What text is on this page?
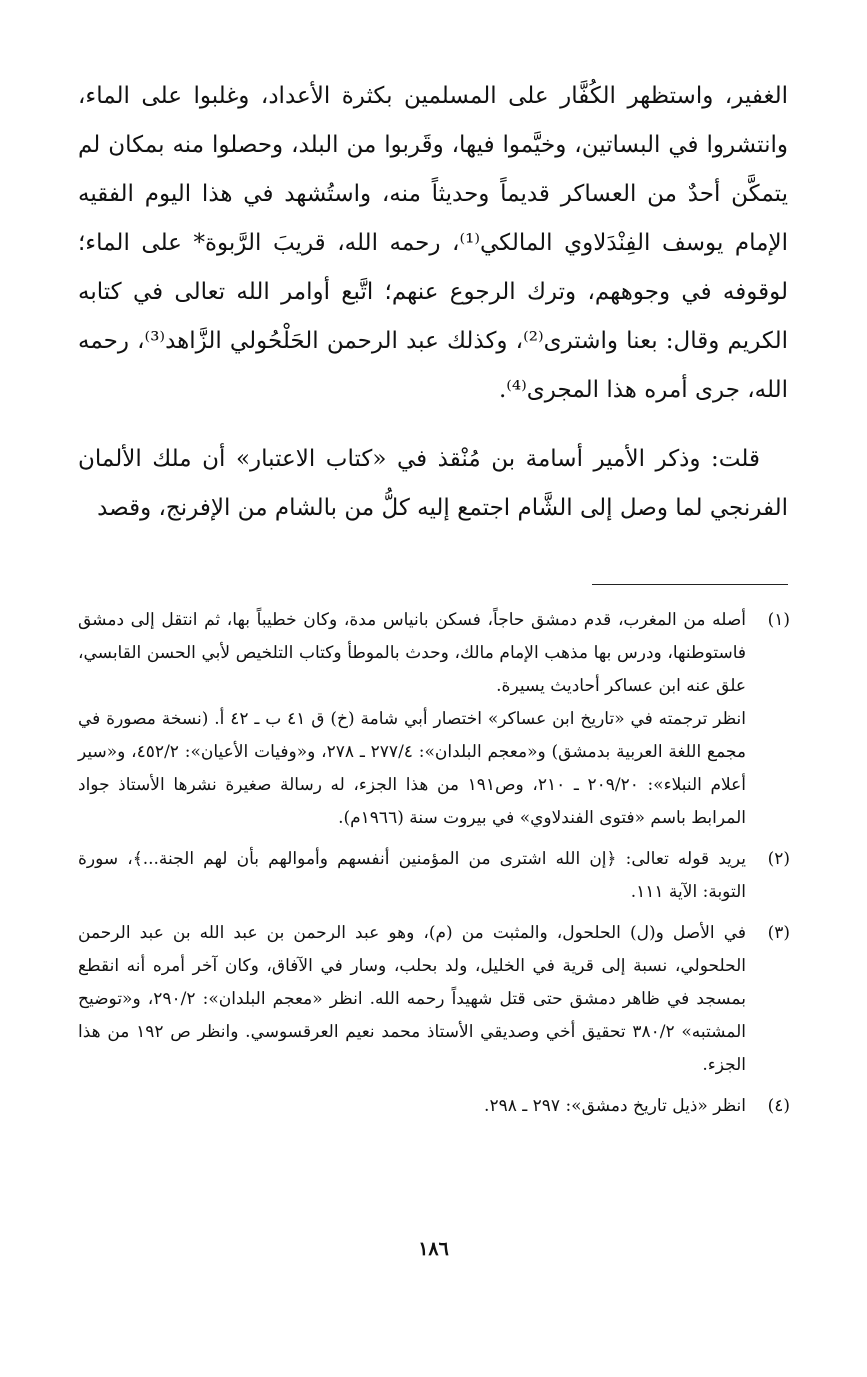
الغفير، واستظهر الكُفَّار على المسلمين بكثرة الأعداد، وغلبوا على الماء، وانتشروا في البساتين، وخيَّموا فيها، وقَربوا من البلد، وحصلوا منه بمكان لم يتمكَّن أحدٌ من العساكر قديماً وحديثاً منه، واستُشهد في هذا اليوم الفقيه الإمام يوسف الفِنْدَلاوي المالكي⁽¹⁾، رحمه الله، قريبَ الرَّبوة* على الماء؛ لوقوفه في وجوههم، وترك الرجوع عنهم؛ اتَّبع أوامر الله تعالى في كتابه الكريم وقال: بعنا واشترى⁽²⁾، وكذلك عبد الرحمن الحَلْحُولي الزَّاهد⁽³⁾، رحمه الله، جرى أمره هذا المجرى⁽⁴⁾.

قلت: وذكر الأمير أسامة بن مُنْقذ في «كتاب الاعتبار» أن ملك الألمان الفرنجي لما وصل إلى الشَّام اجتمع إليه كلُّ من بالشام من الإفرنج، وقصد

(١)

أصله من المغرب، قدم دمشق حاجاً، فسكن بانياس مدة، وكان خطيباً بها، ثم انتقل إلى دمشق فاستوطنها، ودرس بها مذهب الإمام مالك، وحدث بالموطأ وكتاب التلخيص لأبي الحسن القابسي، علق عنه ابن عساكر أحاديث يسيرة.

انظر ترجمته في «تاريخ ابن عساكر» اختصار أبي شامة (خ) ق ٤١ ب ـ ٤٢ أ. (نسخة مصورة في مجمع اللغة العربية بدمشق) و«معجم البلدان»: ٢٧٧/٤ ـ ٢٧٨، و«وفيات الأعيان»: ٤٥٢/٢، و«سير أعلام النبلاء»: ٢٠٩/٢٠ ـ ٢١٠، وص١٩١ من هذا الجزء، له رسالة صغيرة نشرها الأستاذ جواد المرابط باسم «فتوى الفندلاوي» في بيروت سنة (١٩٦٦م).

(٢)

يريد قوله تعالى: ﴿إن الله اشترى من المؤمنين أنفسهم وأموالهم بأن لهم الجنة...﴾، سورة التوبة: الآية ١١١.

(٣)

في الأصل و(ل) الحلحول، والمثبت من (م)، وهو عبد الرحمن بن عبد الله بن عبد الرحمن الحلحولي، نسبة إلى قرية في الخليل، ولد بحلب، وسار في الآفاق، وكان آخر أمره أنه انقطع بمسجد في ظاهر دمشق حتى قتل شهيداً رحمه الله. انظر «معجم البلدان»: ٢٩٠/٢، و«توضيح المشتبه» ٣٨٠/٢ تحقيق أخي وصديقي الأستاذ محمد نعيم العرقسوسي. وانظر ص ١٩٢ من هذا الجزء.

(٤)

انظر «ذيل تاريخ دمشق»: ٢٩٧ ـ ٢٩٨.

١٨٦
